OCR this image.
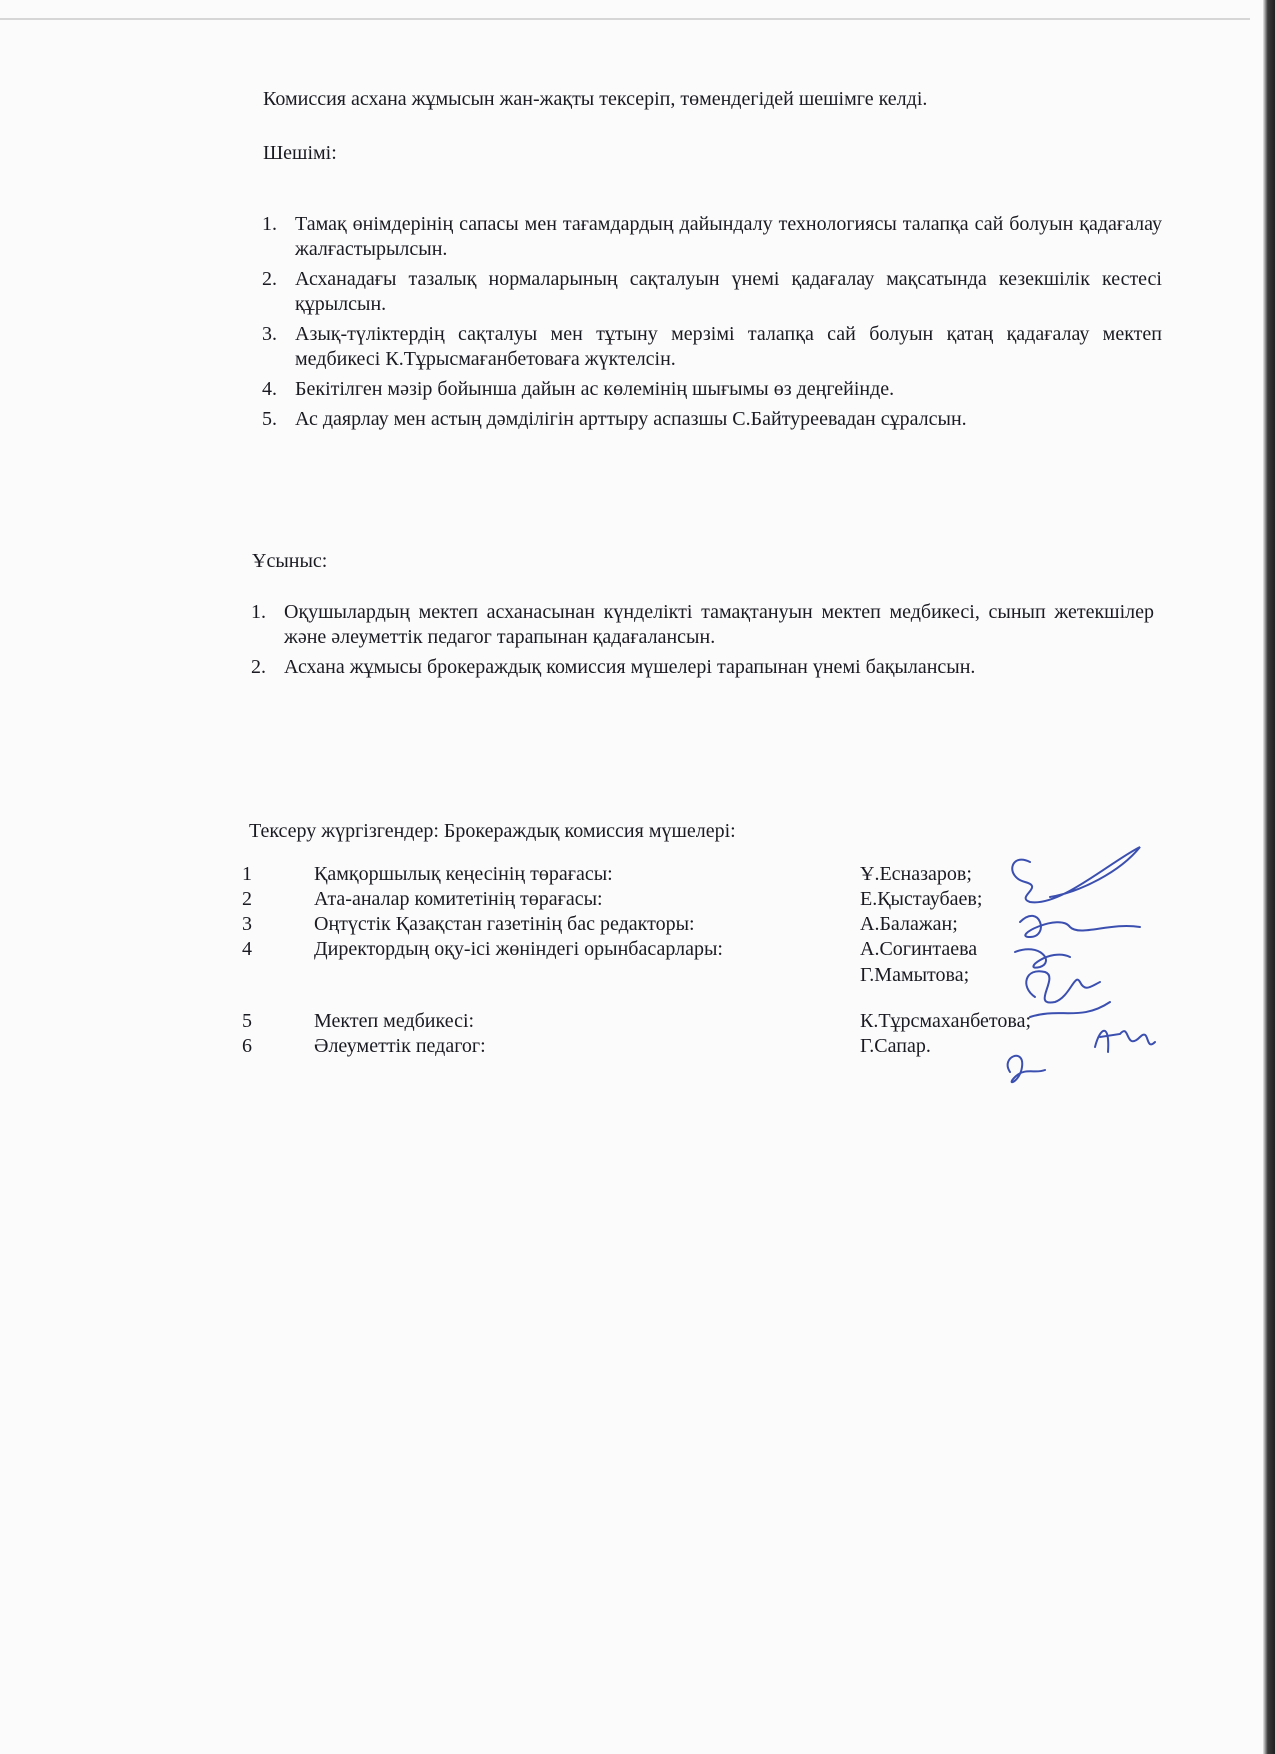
Комиссия асхана жұмысын жан-жақты тексеріп, төмендегідей шешімге келді.
Шешімі:
1. Тамақ өнімдерінің сапасы мен тағамдардың дайындалу технологиясы талапқа сай болуын қадағалау жалғастырылсын.
2. Асханадағы тазалық нормаларының сақталуын үнемі қадағалау мақсатында кезекшілік кестесі құрылсын.
3. Азық-түліктердің сақталуы мен тұтыну мерзімі талапқа сай болуын қатаң қадағалау мектеп медбикесі К.Тұрысмағанбетоваға жүктелсін.
4. Бекітілген мәзір бойынша дайын ас көлемінің шығымы өз деңгейінде.
5. Ас даярлау мен астың дәмділігін арттыру аспазшы С.Байтуреевадан сұралсын.
Ұсыныс:
1. Оқушылардың мектеп асханасынан күнделікті тамақтануын мектеп медбикесі, сынып жетекшілер және әлеуметтік педагог тарапынан қадағалансын.
2. Асхана жұмысы брокераждық комиссия мүшелері тарапынан үнемі бақылансын.
Тексеру жүргізгендер: Брокераждық комиссия мүшелері:
1	Қамқоршылық кеңесінің төрағасы:	Ұ.Есназаров;
2	Ата-аналар комитетінің төрағасы:	Е.Қыстаубаев;
3	Оңтүстік Қазақстан газетінің бас редакторы:	А.Балажан;
4	Директордың оқу-ісі жөніндегі орынбасарлары:	А.Согинтаева
Г.Мамытова;
5	Мектеп медбикесі:	К.Тұрсмаханбетова;
6	Әлеуметтік педагог:	Г.Сапар.
